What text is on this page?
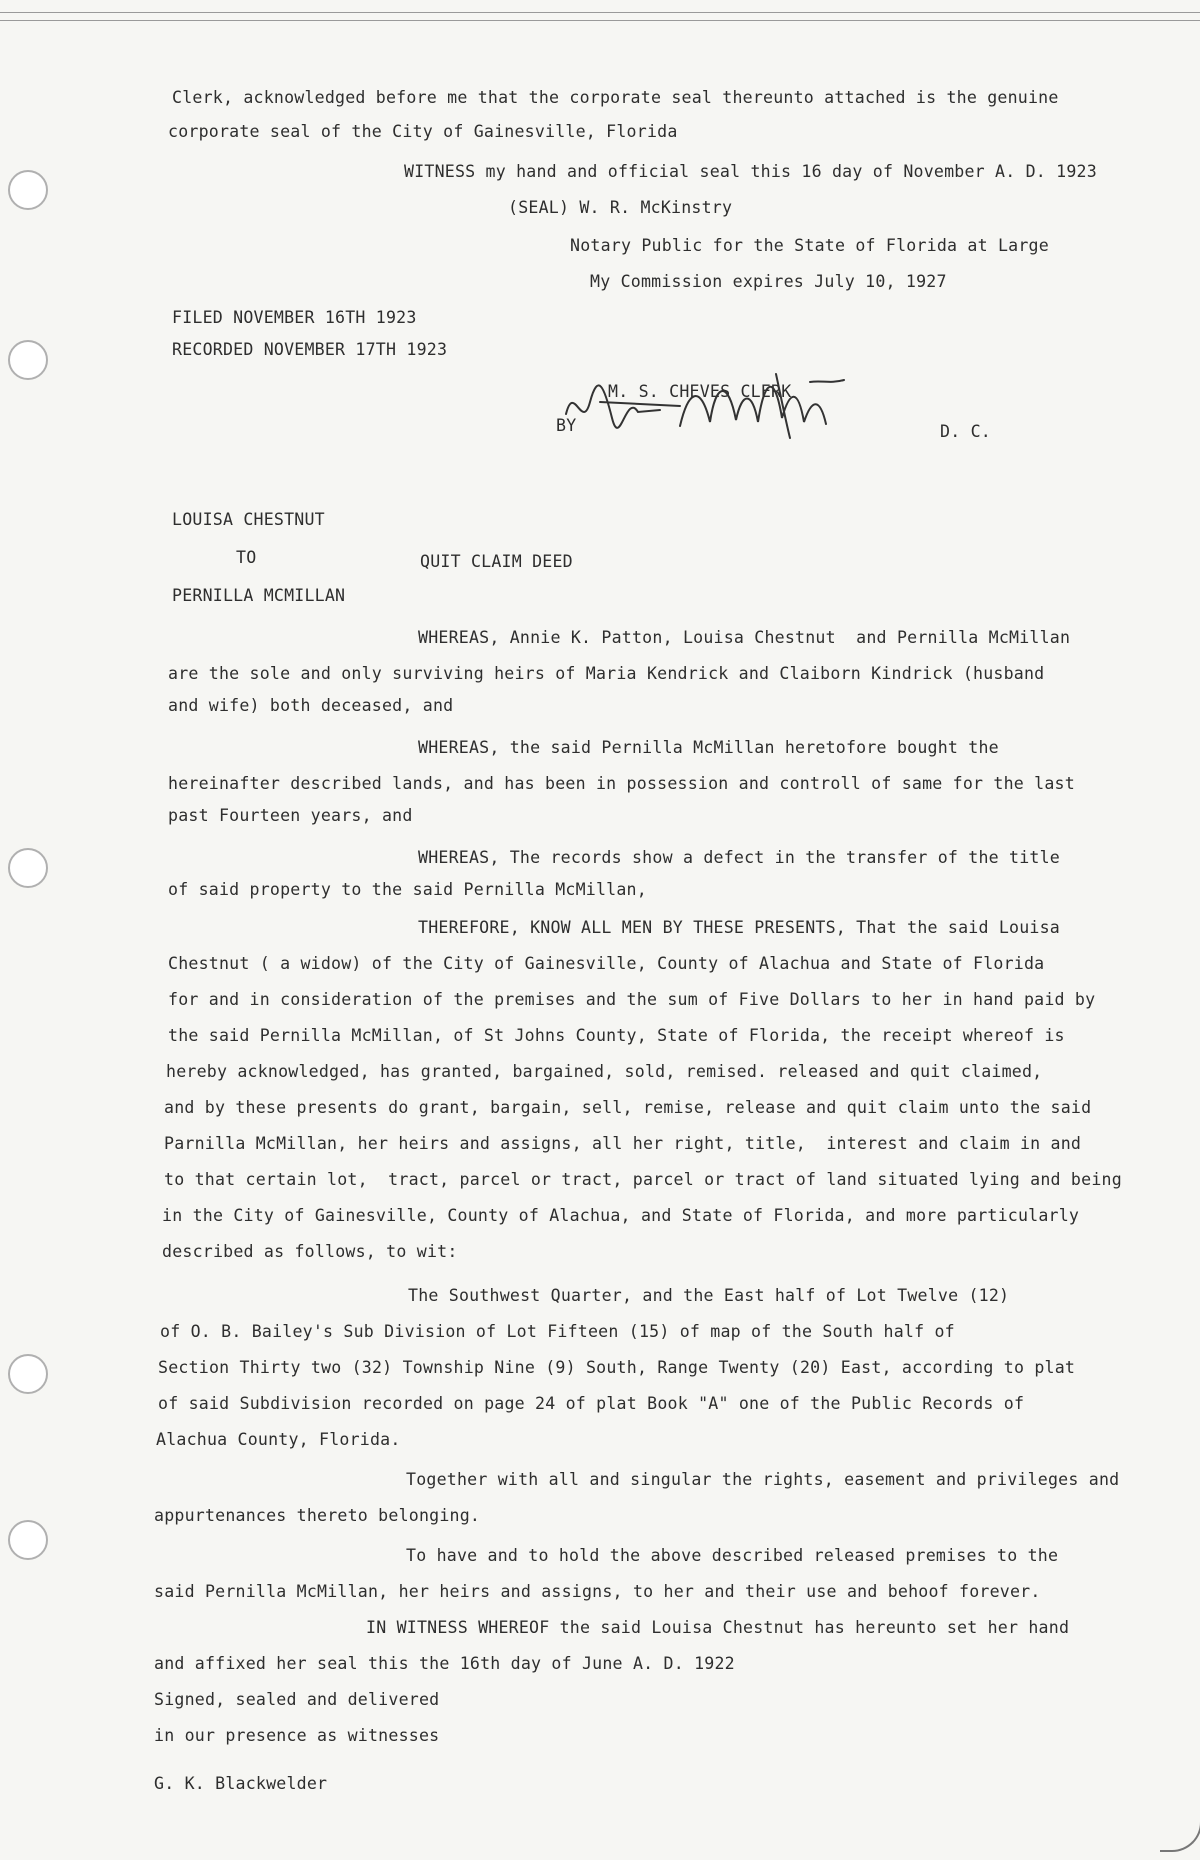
Clerk, acknowledged before me that the corporate seal thereunto attached is the genuine
corporate seal of the City of Gainesville, Florida
WITNESS my hand and official seal this 16 day of November A. D. 1923
(SEAL) W. R. McKinstry
Notary Public for the State of Florida at Large
My Commission expires July 10, 1927
FILED NOVEMBER 16TH 1923
RECORDED NOVEMBER 17TH 1923
M. S. CHEVES CLERK
BY	D. C.
LOUISA CHESTNUT
TO	QUIT CLAIM DEED
PERNILLA MCMILLAN
WHEREAS, Annie K. Patton, Louisa Chestnut  and Pernilla McMillan
are the sole and only surviving heirs of Maria Kendrick and Claiborn Kindrick (husband
and wife) both deceased, and
WHEREAS, the said Pernilla McMillan heretofore bought the
hereinafter described lands, and has been in possession and controll of same for the last
past Fourteen years, and
WHEREAS, The records show a defect in the transfer of the title
of said property to the said Pernilla McMillan,
THEREFORE, KNOW ALL MEN BY THESE PRESENTS, That the said Louisa
Chestnut ( a widow) of the City of Gainesville, County of Alachua and State of Florida
for and in consideration of the premises and the sum of Five Dollars to her in hand paid by
the said Pernilla McMillan, of St Johns County, State of Florida, the receipt whereof is
hereby acknowledged, has granted, bargained, sold, remised. released and quit claimed,
and by these presents do grant, bargain, sell, remise, release and quit claim unto the said
Parnilla McMillan, her heirs and assigns, all her right, title,  interest and claim in and
to that certain lot,  tract, parcel or tract, parcel or tract of land situated lying and being
in the City of Gainesville, County of Alachua, and State of Florida, and more particularly
described as follows, to wit:
The Southwest Quarter, and the East half of Lot Twelve (12)
of O. B. Bailey's Sub Division of Lot Fifteen (15) of map of the South half of
Section Thirty two (32) Township Nine (9) South, Range Twenty (20) East, according to plat
of said Subdivision recorded on page 24 of plat Book "A" one of the Public Records of
Alachua County, Florida.
Together with all and singular the rights, easement and privileges and
appurtenances thereto belonging.
To have and to hold the above described released premises to the
said Pernilla McMillan, her heirs and assigns, to her and their use and behoof forever.
IN WITNESS WHEREOF the said Louisa Chestnut has hereunto set her hand
and affixed her seal this the 16th day of June A. D. 1922
Signed, sealed and delivered
in our presence as witnesses
G. K. Blackwelder
